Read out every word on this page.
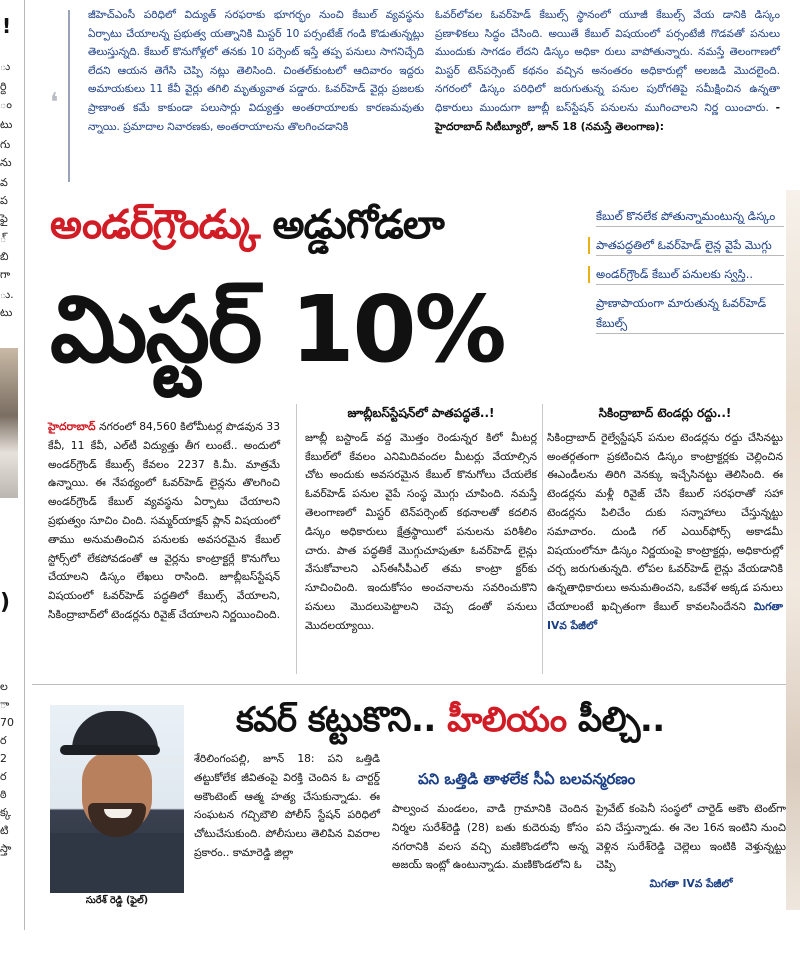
!
ు
ర్ది
ం
టు
గు
ను
వ
ప
ఫై
్
బి
గా
ు.
టు
)
ల
ా
70
ర
2
ర
ఠి
క్క
టి
స్తా
❛
జీహెచ్‌ఎంసీ పరిధిలో విద్యుత్ సరఫరాకు భూగర్భం నుంచి కేబుల్ వ్యవస్థను ఏర్పాటు చేయాలన్న ప్రభుత్వ యత్నానికి మిస్టర్ 10 పర్సంటేజ్ గండి కొడుతున్నట్లు తెలుస్తున్నది. కేబుల్ కొనుగోళ్లలో తనకు 10 పర్సెంట్ ఇస్తే తప్ప పనులు సాగనిచ్చేది లేదని ఆయన తెగేసి చెప్పి నట్లు తెలిసింది. చింతల్‌కుంటలో ఆదివారం ఇద్దరు అమాయకులు 11 కేవీ వైర్లు తగిలి మృత్యువాత పడ్డారు. ఓవర్‌హెడ్ వైర్లు ప్రజలకు ప్రాణాంత కమే కాకుండా పలుసార్లు విద్యుత్తు అంతరాయాలకు కారణమవుతు న్నాయి. ప్రమాదాల నివారణకు, అంతరాయాలను తొలగించడానికి
ఓవర్‌లోవల ఓవర్‌హెడ్ కేబుల్స్ స్థానంలో యూజీ కేబుల్స్ వేయ డానికి డిస్కం ప్రణాళికలు సిద్ధం చేసింది. అయితే కేబుల్ విషయంలో పర్సంటేజీ గొడవతో పనులు ముందుకు సాగడం లేదని డిస్కం అధికా రులు వాపోతున్నారు. నమస్తే తెలంగాణలో మిస్టర్ టెన్‌పర్సెంట్ కథనం వచ్చిన అనంతరం అధికారుల్లో అలజడి మొదలైంది. నగరంలో డిస్కం పరిధిలో జరుగుతున్న పనుల పురోగతిపై సమీక్షించిన ఉన్నతా ధికారులు ముందుగా జూబ్లీ బస్‌స్టేషన్ పనులను ముగించాలని నిర్ణ యించారు. - హైదరాబాద్ సిటీబ్యూరో, జూన్ 18 (నమస్తే తెలంగాణ):
అండర్‌గ్రౌండ్కు అడ్డుగోడలా
మిస్టర్ 10%
కేబుల్ కొనలేక పోతున్నామంటున్న డిస్కం
పాతపద్ధతిలో ఓవర్‌హెడ్ లైన్ల వైపే మొగ్గు
అండర్‌గ్రౌండ్ కేబుల్ పనులకు స్వస్తి..
ప్రాణాపాయంగా మారుతున్న ఓవర్‌హెడ్ కేబుల్స్
హైదరాబాద్ నగరంలో 84,560 కిలోమీటర్ల పొడవున 33 కేవీ, 11 కేవీ, ఎల్‌టీ విద్యుత్తు తీగ లుంటే.. అందులో అండర్‌గ్రౌండ్ కేబుల్స్ కేవలం 2237 కి.మీ. మాత్రమే ఉన్నాయి. ఈ నేపథ్యంలో ఓవర్‌హెడ్ లైన్లను తొలగించి అండర్‌గ్రౌండ్ కేబుల్ వ్యవస్థను ఏర్పాటు చేయాలని ప్రభుత్వం సూచిం చింది. సమ్మర్‌యాక్షన్ ప్లాన్ విషయంలో తాము అనుమతించిన పనులకు అవసరమైన కేబుల్ స్టోర్స్‌లో లేకపోవడంతో ఆ వైర్లను కాంట్రాక్టర్లే కొనుగోలు చేయాలని డిస్కం లేఖలు రాసింది. జూబ్లీబస్‌స్టేషన్ విషయంలో ఓవర్‌హెడ్ పద్ధతిలో కేబుల్స్ వేయాలని, సికింద్రాబాద్‌లో టెండర్లను రివైజ్ చేయాలని నిర్ణయించింది.
జూబ్లీబస్‌స్టేషన్‌లో పాతపద్ధతే..!
జూబ్లీ బస్టాండ్ వద్ద మొత్తం రెండున్నర కిలో మీటర్ల కేబుల్‌లో కేవలం ఎనిమిదివందల మీటర్లు వేయాల్సిన చోట అందుకు అవసరమైన కేబుల్ కొనుగోలు చేయలేక ఓవర్‌హెడ్ పనుల వైపే సంస్థ మొగ్గు చూపింది. నమస్తే తెలంగాణలో మిస్టర్ టెన్‌పర్సెంట్ కథనాలతో కదలిన డిస్కం అధికారులు క్షేత్రస్థాయిలో పనులను పరిశీలిం చారు. పాత పద్ధతికే మొగ్గుచూపుతూ ఓవర్‌హెడ్ లైన్లు వేసుకోవాలని ఎస్‌ఈసీపీఎల్ తమ కాంట్రా క్టర్‌కు సూచించింది. ఇందుకోసం అంచనాలను సవరించుకొని పనులు మొదలుపెట్టాలని చెప్ప డంతో పనులు మొదలయ్యాయి.
సికింద్రాబాద్ టెండర్లు రద్దు..!
సికింద్రాబాద్ రైల్వేస్టేషన్ పనుల టెండర్లను రద్దు చేసినట్టు అంతర్గతంగా ప్రకటించిన డిస్కం కాంట్రాక్టర్లకు చెల్లించిన ఈఎండీలను తిరిగి వెనక్కు ఇచ్చేసినట్టు తెలిసింది. ఈ టెండర్లను మళ్లీ రివైజ్ చేసి కేబుల్ సరఫరాతో సహా టెండర్లను పిలిచేం దుకు సన్నాహాలు చేస్తున్నట్టు సమాచారం. దుండి గల్ ఎయిర్‌ఫోర్స్ అకాడమీ విషయంలోనూ డిస్కం నిర్ణయంపై కాంట్రాక్టర్లు, అధికారుల్లో చర్చ జరుగుతున్నది. లోపల ఓవర్‌హెడ్ లైన్లు వేయడానికి ఉన్నతాధికారులు అనుమతించని, ఒకవేళ అక్కడ పనులు చేయాలంటే ఖచ్చితంగా కేబుల్ కావలసిందేనని మిగతా IVవ పేజీలో
కవర్ కట్టుకొని.. హీలియం పీల్చి..
పని ఒత్తిడి తాళలేక సీఏ బలవన్మరణం
సురేశ్ రెడ్డి (ఫైల్)
శేరిలింగంపల్లి, జూన్ 18: పని ఒత్తిడి తట్టుకోలేక జీవితంపై విరక్తి చెందిన ఓ చార్టర్డ్ అకౌంటెంట్ ఆత్మ హత్య చేసుకున్నాడు. ఈ సంఘటన గచ్చిబౌలి పోలీస్ స్టేషన్ పరిధిలో చోటుచేసుకుంది. పోలీసులు తెలిపిన వివరాల ప్రకారం.. కామారెడ్డి జిల్లా
పాల్వంచ మండలం, వాడి గ్రామానికి చెందిన నిర్మల సురేశ్‌రెడ్డి (28) బతు కుదెరువు కోసం నగరానికి వలస వచ్చి మణికొండలోని అన్న అజయ్ ఇంట్లో ఉంటున్నాడు. మణికొండలోని ఓ
ప్రైవేట్ కంపెనీ సంస్థలో చార్టెడ్ అకౌం టెంట్‌గా పని చేస్తున్నాడు. ఈ నెల 16న ఇంటిని నుంచి వెళ్లిన సురేశ్‌రెడ్డి చెల్లెలు ఇంటికి వెళ్తున్నట్టు చెప్పి
మిగతా IVవ పేజీలో
